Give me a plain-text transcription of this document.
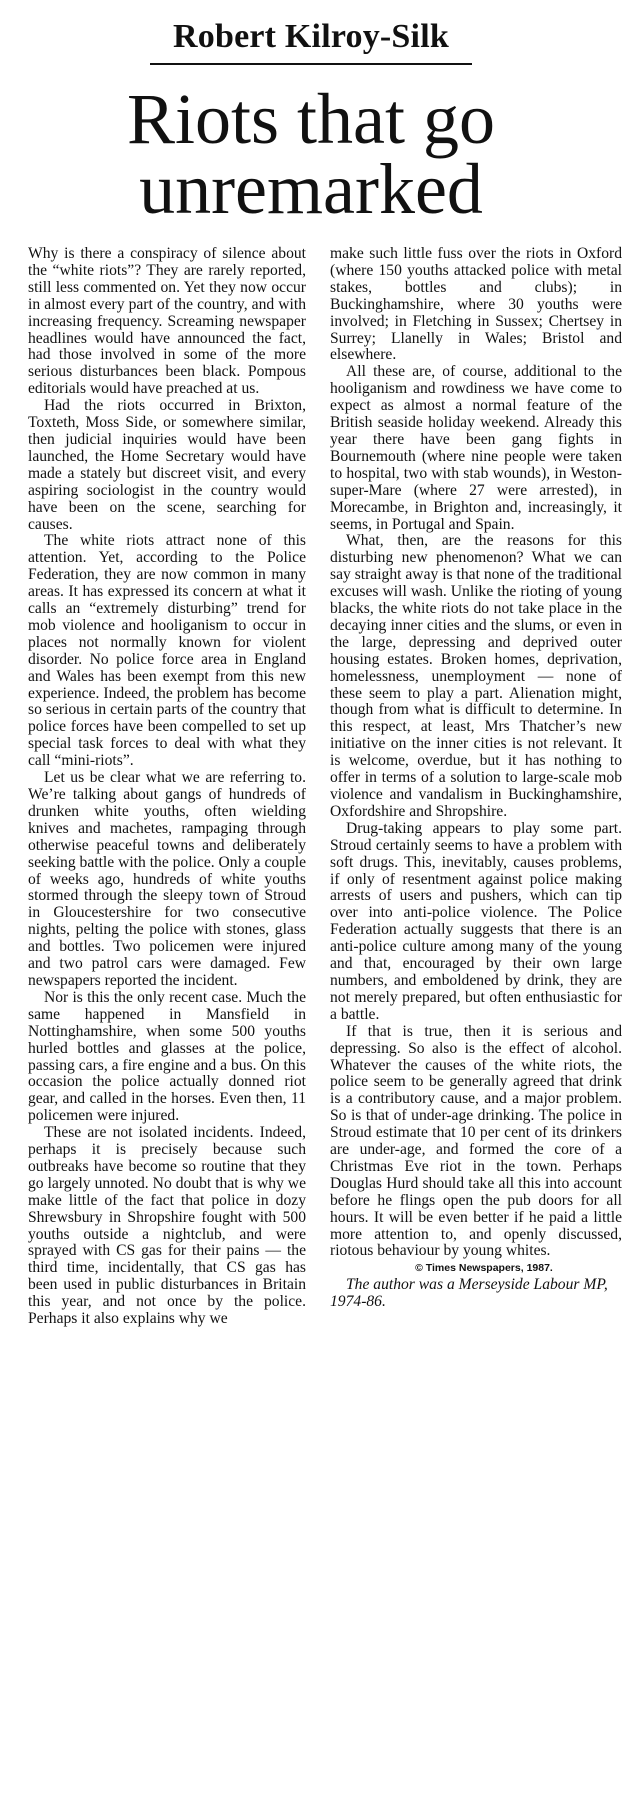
Robert Kilroy-Silk
Riots that go
unremarked

Why is there a conspiracy of silence about the “white riots”? They are rarely reported, still less commented on. Yet they now occur in almost every part of the country, and with increasing frequency. Screaming newspaper headlines would have announced the fact, had those involved in some of the more serious disturbances been black. Pompous editorials would have preached at us.

Had the riots occurred in Brixton, Toxteth, Moss Side, or somewhere similar, then judicial inquiries would have been launched, the Home Secretary would have made a stately but discreet visit, and every aspiring sociologist in the country would have been on the scene, searching for causes.

The white riots attract none of this attention. Yet, according to the Police Federation, they are now common in many areas. It has expressed its concern at what it calls an “extremely disturbing” trend for mob violence and hooliganism to occur in places not normally known for violent disorder. No police force area in England and Wales has been exempt from this new experience. Indeed, the problem has become so serious in certain parts of the country that police forces have been compelled to set up special task forces to deal with what they call “mini-riots”.

Let us be clear what we are referring to. We’re talking about gangs of hundreds of drunken white youths, often wielding knives and machetes, rampaging through otherwise peaceful towns and deliberately seeking battle with the police. Only a couple of weeks ago, hundreds of white youths stormed through the sleepy town of Stroud in Gloucestershire for two consecutive nights, pelting the police with stones, glass and bottles. Two policemen were injured and two patrol cars were damaged. Few newspapers reported the incident.

Nor is this the only recent case. Much the same happened in Mansfield in Nottinghamshire, when some 500 youths hurled bottles and glasses at the police, passing cars, a fire engine and a bus. On this occasion the police actually donned riot gear, and called in the horses. Even then, 11 policemen were injured.

These are not isolated incidents. Indeed, perhaps it is precisely because such outbreaks have become so routine that they go largely unnoted. No doubt that is why we make little of the fact that police in dozy Shrewsbury in Shropshire fought with 500 youths outside a nightclub, and were sprayed with CS gas for their pains — the third time, incidentally, that CS gas has been used in public disturbances in Britain this year, and not once by the police. Perhaps it also explains why we

make such little fuss over the riots in Oxford (where 150 youths attacked police with metal stakes, bottles and clubs); in Buckinghamshire, where 30 youths were involved; in Fletching in Sussex; Chertsey in Surrey; Llanelly in Wales; Bristol and elsewhere.

All these are, of course, additional to the hooliganism and rowdiness we have come to expect as almost a normal feature of the British seaside holiday weekend. Already this year there have been gang fights in Bournemouth (where nine people were taken to hospital, two with stab wounds), in Weston-super-Mare (where 27 were arrested), in Morecambe, in Brighton and, increasingly, it seems, in Portugal and Spain.

What, then, are the reasons for this disturbing new phenomenon? What we can say straight away is that none of the traditional excuses will wash. Unlike the rioting of young blacks, the white riots do not take place in the decaying inner cities and the slums, or even in the large, depressing and deprived outer housing estates. Broken homes, deprivation, homelessness, unemployment — none of these seem to play a part. Alienation might, though from what is difficult to determine. In this respect, at least, Mrs Thatcher’s new initiative on the inner cities is not relevant. It is welcome, overdue, but it has nothing to offer in terms of a solution to large-scale mob violence and vandalism in Buckinghamshire, Oxfordshire and Shropshire.

Drug-taking appears to play some part. Stroud certainly seems to have a problem with soft drugs. This, inevitably, causes problems, if only of resentment against police making arrests of users and pushers, which can tip over into anti-police violence. The Police Federation actually suggests that there is an anti-police culture among many of the young and that, encouraged by their own large numbers, and emboldened by drink, they are not merely prepared, but often enthusiastic for a battle.

If that is true, then it is serious and depressing. So also is the effect of alcohol. Whatever the causes of the white riots, the police seem to be generally agreed that drink is a contributory cause, and a major problem. So is that of under-age drinking. The police in Stroud estimate that 10 per cent of its drinkers are under-age, and formed the core of a Christmas Eve riot in the town. Perhaps Douglas Hurd should take all this into account before he flings open the pub doors for all hours. It will be even better if he paid a little more attention to, and openly discussed, riotous behaviour by young whites.

© Times Newspapers, 1987.

The author was a Merseyside Labour MP, 1974-86.
